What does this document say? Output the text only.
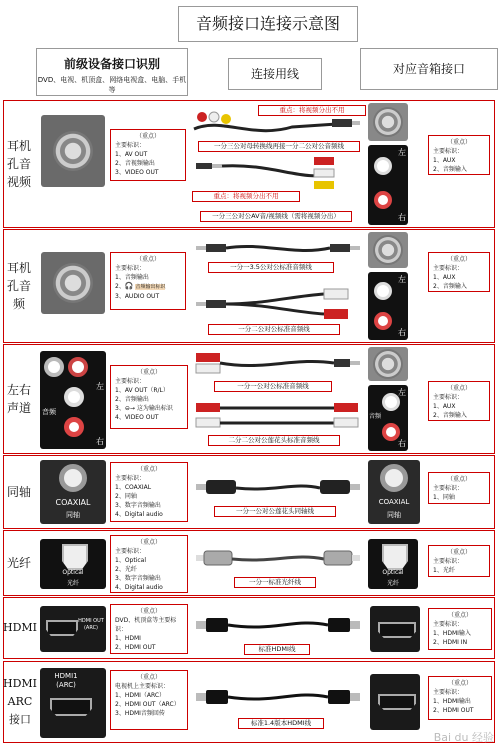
音频接口连接示意图
前级设备接口识别
DVD、电视、机顶盒、网络电视盒、电脑、手机等
连接用线	对应音箱接口
耳机孔音视频
（重点）
主要标识：
1、AV OUT
2、音视频输出
3、VIDEO OUT
重点：将视频分出不用
一分三公对母转换线再接一分二公对公音频线
重点：将视频分出不用
一分三公对公AV音/视频线（需将视频分出）
左
右
（重点）
主要标识：
1、AUX
2、音频输入
耳机孔音频
（重点）
主要标识：
1、音频输出
2、🎧 音频输出标识
3、AUDIO OUT
一分一3.5公对公标准音频线
一分二公对公标准音频线
左
右
（重点）
主要标识：
1、AUX
2、音频输入
左右声道
左
音频
右
（重点）
主要标识：
1、AV OUT（R/L）
2、音频输出
3、⊖→ 这为输出标识
4、VIDEO OUT
一分一公对公标准音频线
二分二公对公莲花头标准音频线
左
音频
右
（重点）
主要标识：
1、AUX
2、音频输入
同轴
COAXIAL
同轴
（重点）
主要标识：
1、COAXIAL
2、同轴
3、数字音频输出
4、Digital audio	一分一公对公莲花头同轴线
COAXIAL
同轴
（重点）
主要标识：
1、同轴
光纤
Optical
光纤
（重点）
主要标识：
1、Optical
2、光纤
3、数字音频输出
4、Digital audio
一分一标准光纤线
Optical
光纤
（重点）
主要标识：
1、光纤
HDMI	HDMI OUT (ARC)
（重点）
DVD、机顶盒等主要标识：
1、HDMI
2、HDMI OUT	标准HDMI线
（重点）
主要标识：
1、HDMI输入
2、HDMI IN
HDMI ARC接口
HDMI1 (ARC)
（重点）
电视机上主要标识：
1、HDMI（ARC）
2、HDMI OUT（ARC）
3、HDMI音频回传
标准1.4版本HDMI线
（重点）
主要标识：
1、HDMI输出
2、HDMI OUT
Bai du 经验
